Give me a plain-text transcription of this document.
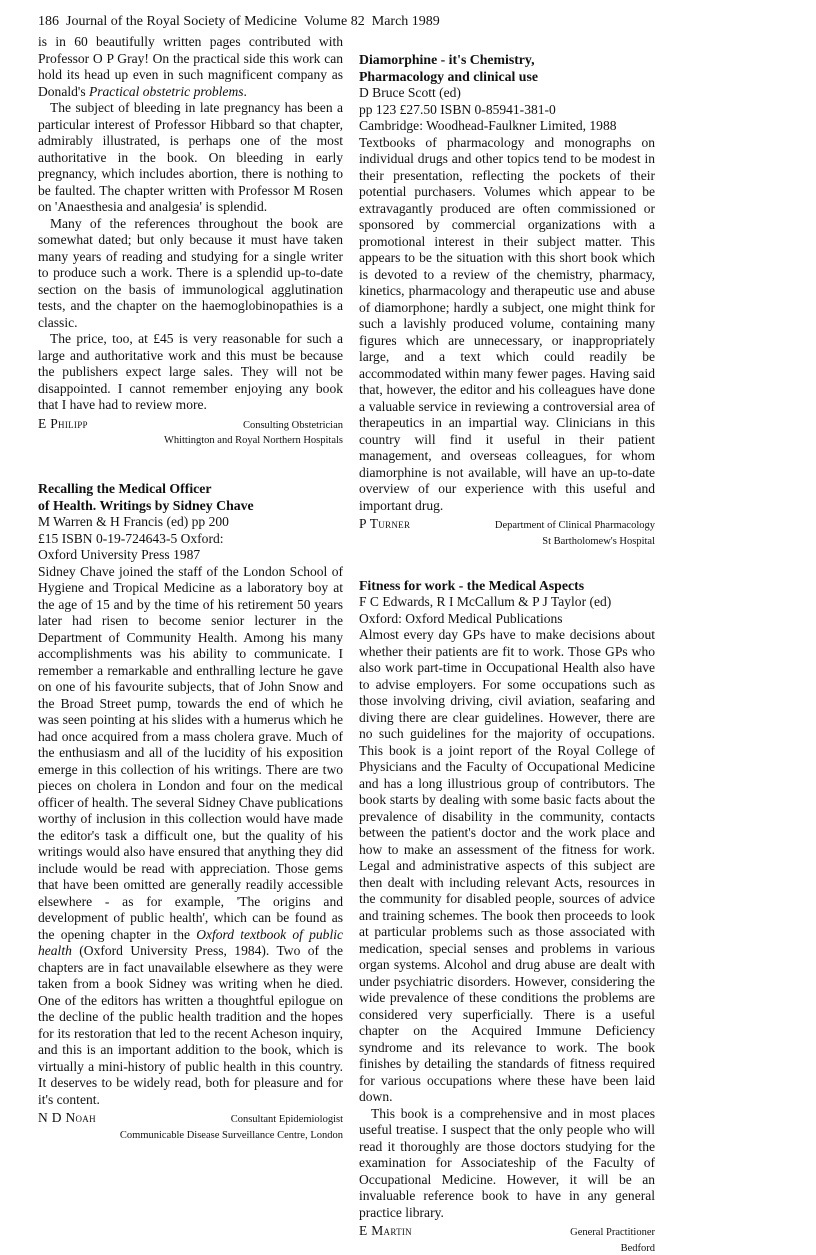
186 Journal of the Royal Society of Medicine Volume 82 March 1989

is in 60 beautifully written pages contributed with Professor O P Gray! On the practical side this work can hold its head up even in such magnificent company as Donald's Practical obstetric problems.

The subject of bleeding in late pregnancy has been a particular interest of Professor Hibbard so that chapter, admirably illustrated, is perhaps one of the most authoritative in the book. On bleeding in early pregnancy, which includes abortion, there is nothing to be faulted. The chapter written with Professor M Rosen on 'Anaesthesia and analgesia' is splendid.

Many of the references throughout the book are somewhat dated; but only because it must have taken many years of reading and studying for a single writer to produce such a work. There is a splendid up-to-date section on the basis of immunological agglutination tests, and the chapter on the haemoglobinopathies is a classic.

The price, too, at £45 is very reasonable for such a large and authoritative work and this must be because the publishers expect large sales. They will not be disappointed. I cannot remember enjoying any book that I have had to review more.

E Philipp	Consulting Obstetrician
Whittington and Royal Northern Hospitals
Recalling the Medical Officer
of Health. Writings by Sidney Chave
M Warren & H Francis (ed) pp 200
£15 ISBN 0-19-724643-5 Oxford:
Oxford University Press 1987

Sidney Chave joined the staff of the London School of Hygiene and Tropical Medicine as a laboratory boy at the age of 15 and by the time of his retirement 50 years later had risen to become senior lecturer in the Department of Community Health. Among his many accomplishments was his ability to communicate. I remember a remarkable and enthralling lecture he gave on one of his favourite subjects, that of John Snow and the Broad Street pump, towards the end of which he was seen pointing at his slides with a humerus which he had once acquired from a mass cholera grave. Much of the enthusiasm and all of the lucidity of his exposition emerge in this collection of his writings. There are two pieces on cholera in London and four on the medical officer of health. The several Sidney Chave publications worthy of inclusion in this collection would have made the editor's task a difficult one, but the quality of his writings would also have ensured that anything they did include would be read with appreciation. Those gems that have been omitted are generally readily accessible elsewhere - as for example, 'The origins and development of public health', which can be found as the opening chapter in the Oxford textbook of public health (Oxford University Press, 1984). Two of the chapters are in fact unavailable elsewhere as they were taken from a book Sidney was writing when he died. One of the editors has written a thoughtful epilogue on the decline of the public health tradition and the hopes for its restoration that led to the recent Acheson inquiry, and this is an important addition to the book, which is virtually a mini-history of public health in this country. It deserves to be widely read, both for pleasure and for it's content.

N D Noah	Consultant Epidemiologist
Communicable Disease Surveillance Centre, London
Diamorphine - it's Chemistry,
Pharmacology and clinical use
D Bruce Scott (ed)
pp 123 £27.50 ISBN 0-85941-381-0
Cambridge: Woodhead-Faulkner Limited, 1988

Textbooks of pharmacology and monographs on individual drugs and other topics tend to be modest in their presentation, reflecting the pockets of their potential purchasers. Volumes which appear to be extravagantly produced are often commissioned or sponsored by commercial organizations with a promotional interest in their subject matter. This appears to be the situation with this short book which is devoted to a review of the chemistry, pharmacy, kinetics, pharmacology and therapeutic use and abuse of diamorphone; hardly a subject, one might think for such a lavishly produced volume, containing many figures which are unnecessary, or inappropriately large, and a text which could readily be accommodated within many fewer pages. Having said that, however, the editor and his colleagues have done a valuable service in reviewing a controversial area of therapeutics in an impartial way. Clinicians in this country will find it useful in their patient management, and overseas colleagues, for whom diamorphine is not available, will have an up-to-date overview of our experience with this useful and important drug.

P Turner	Department of Clinical Pharmacology
St Bartholomew's Hospital
Fitness for work - the Medical Aspects
F C Edwards, R I McCallum & P J Taylor (ed)
Oxford: Oxford Medical Publications

Almost every day GPs have to make decisions about whether their patients are fit to work. Those GPs who also work part-time in Occupational Health also have to advise employers. For some occupations such as those involving driving, civil aviation, seafaring and diving there are clear guidelines. However, there are no such guidelines for the majority of occupations. This book is a joint report of the Royal College of Physicians and the Faculty of Occupational Medicine and has a long illustrious group of contributors. The book starts by dealing with some basic facts about the prevalence of disability in the community, contacts between the patient's doctor and the work place and how to make an assessment of the fitness for work. Legal and administrative aspects of this subject are then dealt with including relevant Acts, resources in the community for disabled people, sources of advice and training schemes. The book then proceeds to look at particular problems such as those associated with medication, special senses and problems in various organ systems. Alcohol and drug abuse are dealt with under psychiatric disorders. However, considering the wide prevalence of these conditions the problems are considered very superficially. There is a useful chapter on the Acquired Immune Deficiency syndrome and its relevance to work. The book finishes by detailing the standards of fitness required for various occupations where these have been laid down.

This book is a comprehensive and in most places useful treatise. I suspect that the only people who will read it thoroughly are those doctors studying for the examination for Associateship of the Faculty of Occupational Medicine. However, it will be an invaluable reference book to have in any general practice library.

E Martin	General Practitioner
Bedford
